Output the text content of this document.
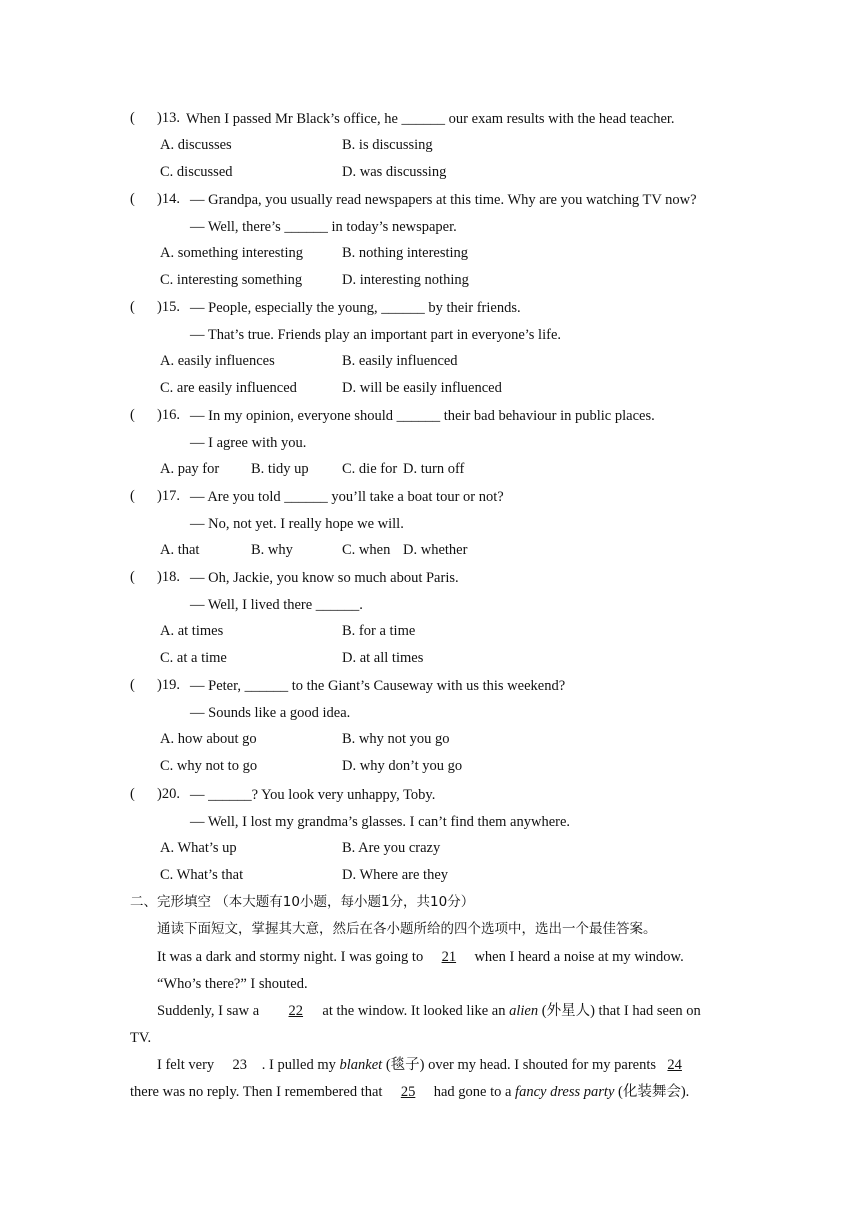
( )13. When I passed Mr Black’s office, he ______ our exam results with the head teacher.
A. discusses	B. is discussing
C. discussed	D. was discussing
( )14. — Grandpa, you usually read newspapers at this time. Why are you watching TV now?
— Well, there’s ______ in today’s newspaper.
A. something interesting	B. nothing interesting
C. interesting something	D. interesting nothing
( )15. — People, especially the young, ______ by their friends.
— That’s true. Friends play an important part in everyone’s life.
A. easily influences	B. easily influenced
C. are easily influenced	D. will be easily influenced
( )16. — In my opinion, everyone should ______ their bad behaviour in public places.
— I agree with you.
A. pay for B. tidy up C. die for D. turn off
( )17. — Are you told ______ you’ll take a boat tour or not?
— No, not yet. I really hope we will.
A. that	B. why	C. when D. whether
( )18. — Oh, Jackie, you know so much about Paris.
— Well, I lived there ______.
A. at times	B. for a time
C. at a time	D. at all times
( )19. — Peter, ______ to the Giant’s Causeway with us this weekend?
— Sounds like a good idea.
A. how about go	B. why not you go
C. why not to go	D. why don’t you go
( )20. — ______? You look very unhappy, Toby.
— Well, I lost my grandma’s glasses. I can’t find them anywhere.
A. What’s up	B. Are you crazy
C. What’s that	D. Where are they
二、完形填空 （本大题有10小题，每小题1分，共10分）
通读下面短文，掌握其大意，然后在各小题所给的四个选项中，选出一个最佳答案。
It was a dark and stormy night. I was going to 21 when I heard a noise at my window.
“Who’s there?” I shouted.
Suddenly, I saw a 22 at the window. It looked like an alien (外星人) that I had seen on
TV.
I felt very 23 . I pulled my blanket (毯子) over my head. I shouted for my parents 24
there was no reply. Then I remembered that 25 had gone to a fancy dress party (化装舞会).
